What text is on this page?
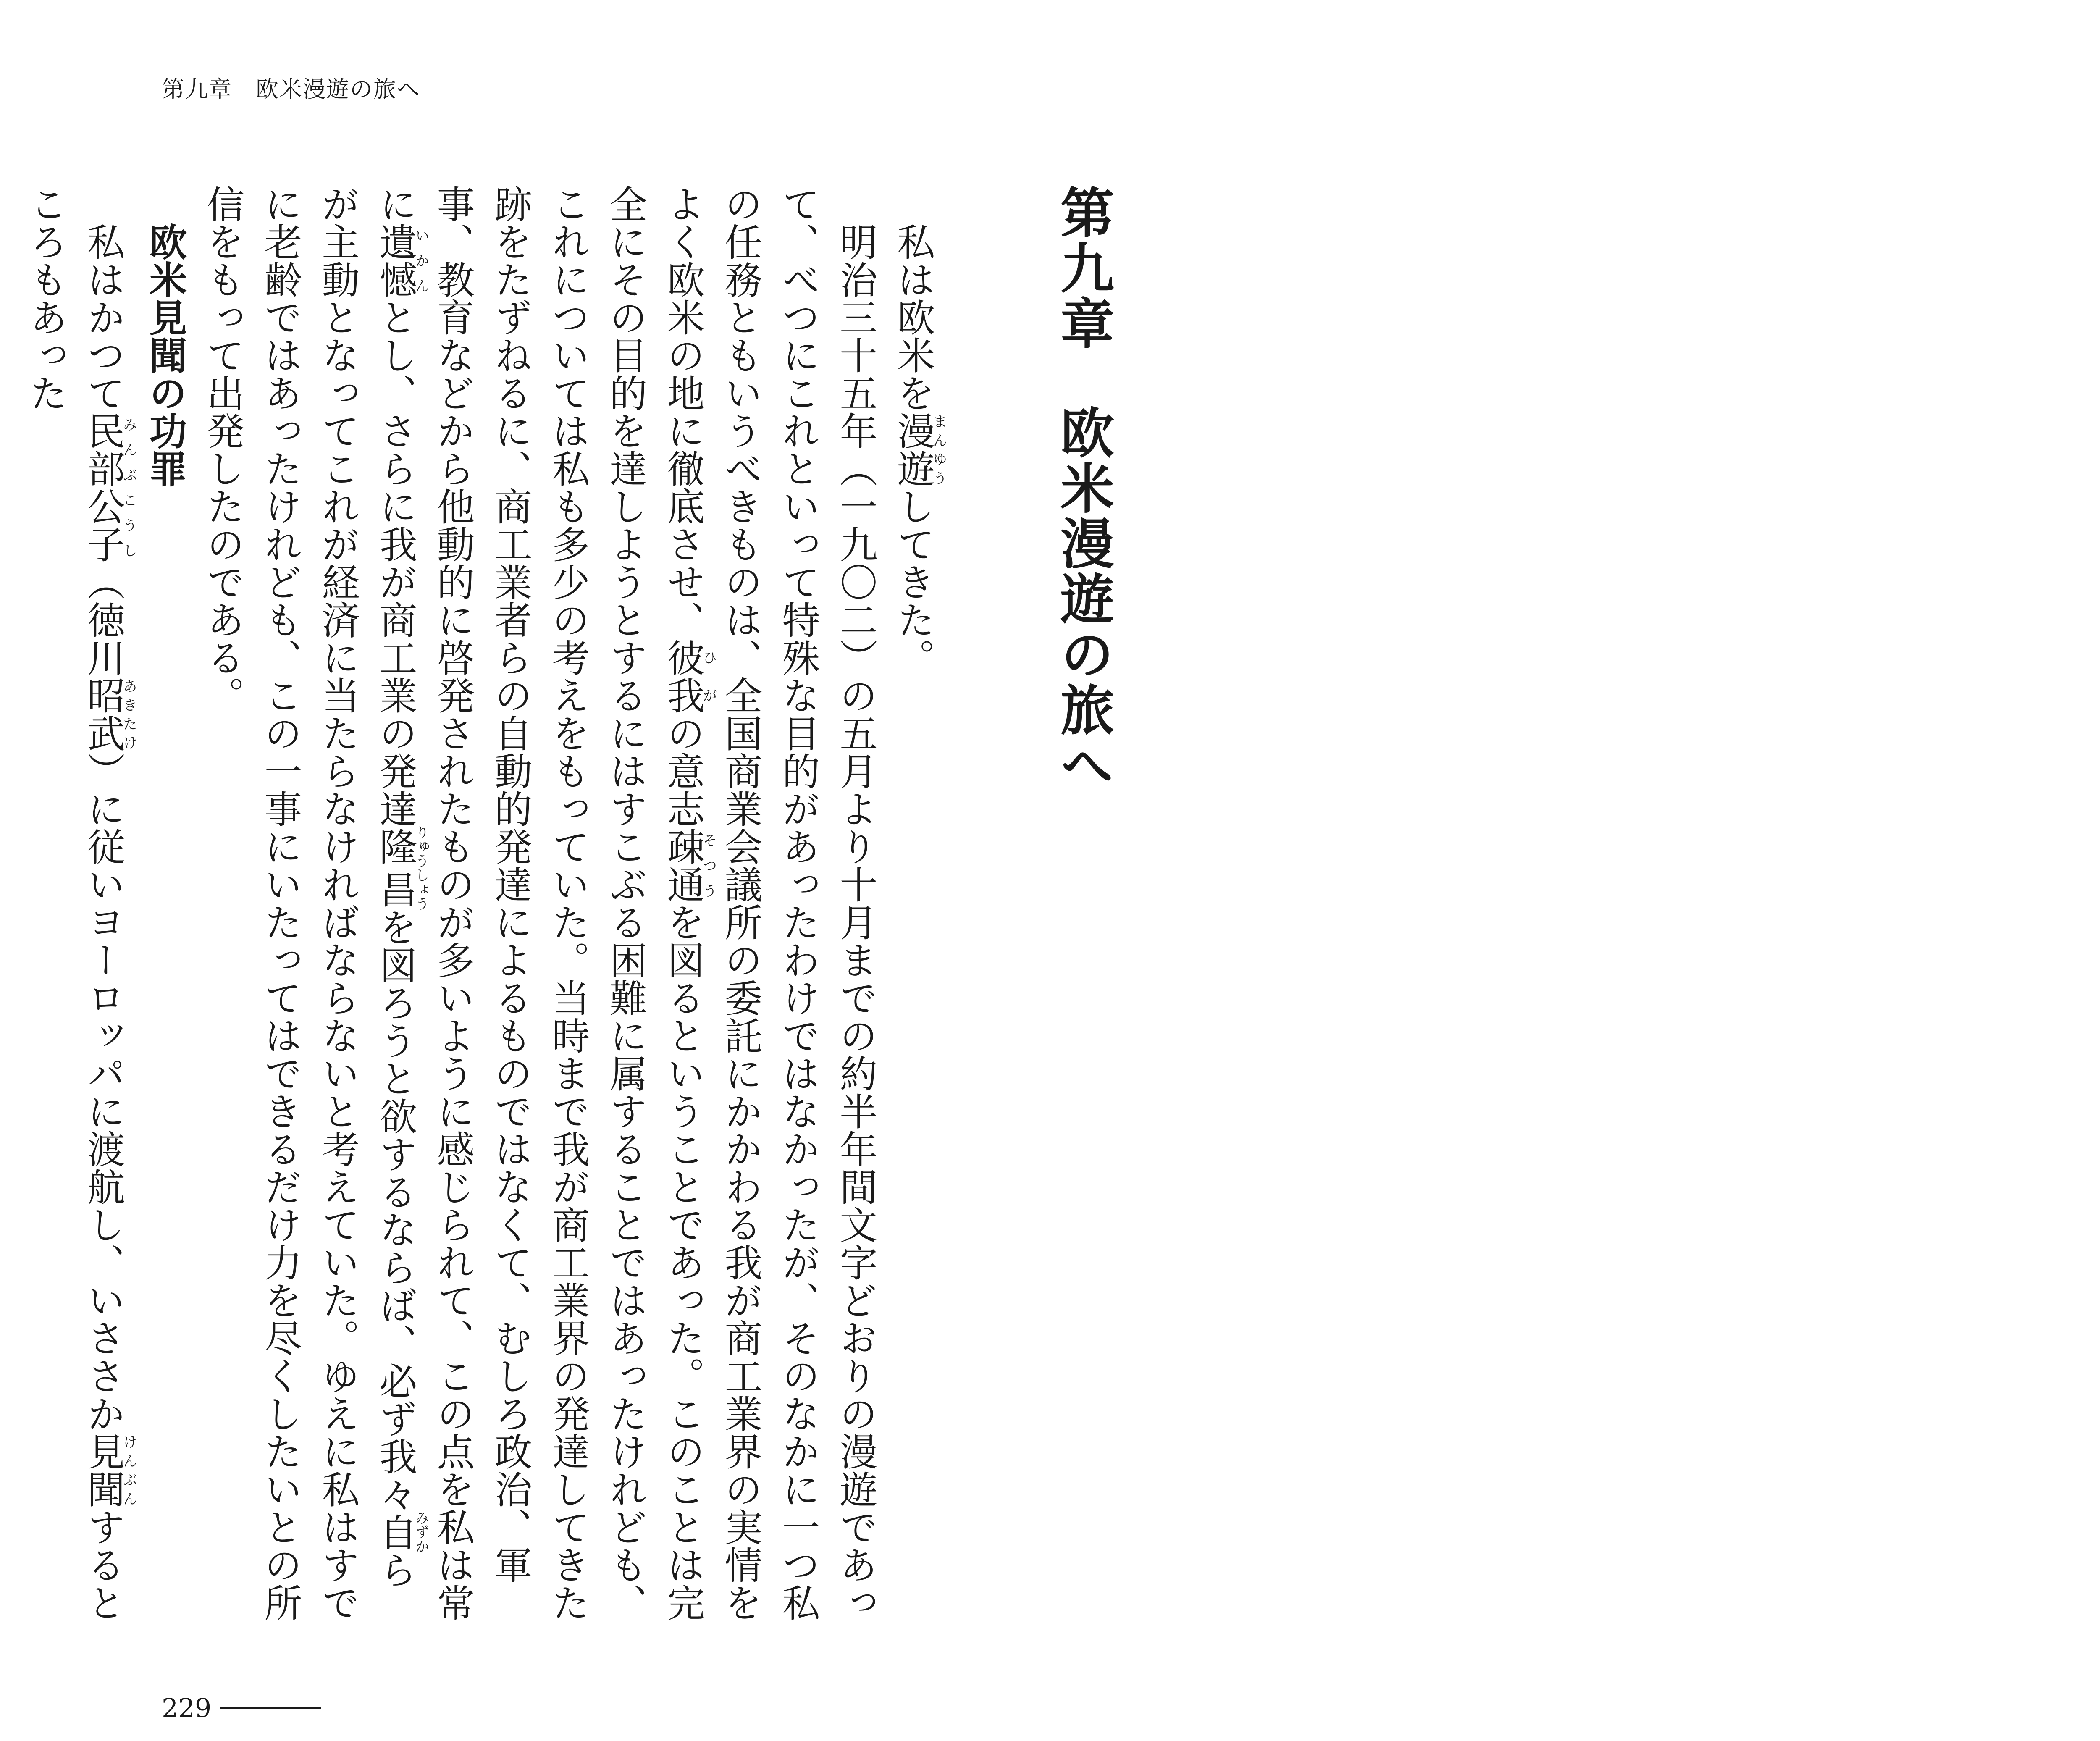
第九章　欧米漫遊の旅へ
第九章欧米漫遊の旅へ

私は欧米を漫遊まんゆうしてきた。

明治三十五年（一九〇二）の五月より十月までの約半年間文字どおりの漫遊であって、べつにこれといって特殊な目的があったわけではなかったが、そのなかに一つ私の任務ともいうべきものは、全国商業会議所の委託にかかわる我が商工業界の実情をよく欧米の地に徹底させ、彼我ひがの意志疎通そつうを図るということであった。このことは完全にその目的を達しようとするにはすこぶる困難に属することではあったけれども、これについては私も多少の考えをもっていた。当時まで我が商工業界の発達してきた跡をたずねるに、商工業者らの自動的発達によるものではなくて、むしろ政治、軍事、教育などから他動的に啓発されたものが多いように感じられて、この点を私は常に遺憾いかんとし、さらに我が商工業の発達隆昌りゅうしょうを図ろうと欲するならば、必ず我々自みずからが主動となってこれが経済に当たらなければならないと考えていた。ゆえに私はすでに老齢ではあったけれども、この一事にいたってはできるだけ力を尽くしたいとの所信をもって出発したのである。

欧米見聞の功罪

私はかつて民部公子みんぶこうし（徳川昭武あきたけ）に従いヨーロッパに渡航し、いささか見聞けんぶんするところもあった

229
